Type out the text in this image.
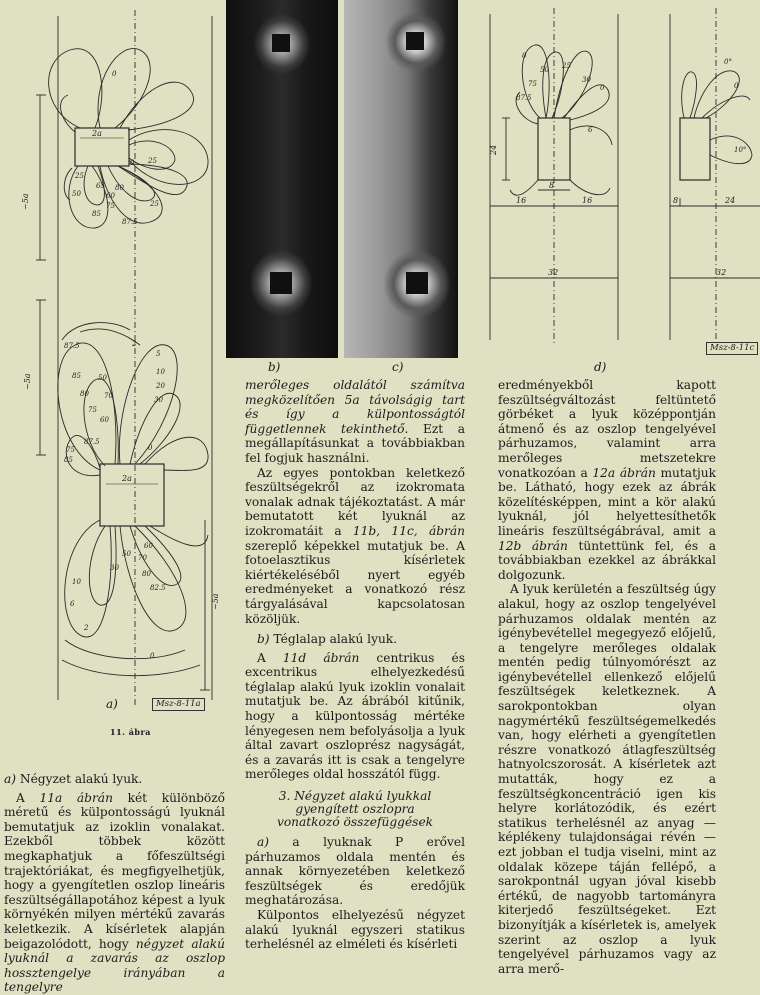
~5a
~5a
~5a
2a
2a
0
0 25
25
50	60
65
75
85
87.5
80
25
87.5
85
80
75
60
70
50
30
20
10
5
2
0
75
85
87.5
82.5
80
70
60
50
30
10
6
2
0
a)	Msz-8-11a
11. ábra
b)	c)
24
8
16	16
32
8	24
32
0
50 25
75
87.5
0
30
6
0°
0
10°
d)
Msz-8-11c

a) Négyzet alakú lyuk.

A 11a ábrán két különböző méretű és külpontosságú lyuknál bemutatjuk az izoklin vonalakat. Ezekből többek között megkaphatjuk a főfeszültségi trajektóriákat, és megfigyelhetjük, hogy a gyengítetlen oszlop lineáris feszültségállapotához képest a lyuk környékén milyen mértékű zavarás keletkezik. A kísérletek alapján beigazolódott, hogy négyzet alakú lyuknál a zavarás az oszlop hossztengelye irányában a tengelyre

merőleges oldalától számítva megközelítően 5a távolságig tart és így a külpontosságtól függetlennek tekinthető. Ezt a megállapításunkat a továbbiakban fel fogjuk használni.

Az egyes pontokban keletkező feszültségekről az izokromata vonalak adnak tájékoztatást. A már bemutatott két lyuknál az izokromatáit a 11b, 11c, ábrán szereplő képekkel mutatjuk be. A fotoelasztikus kísérletek kiértékeléséből nyert egyéb eredményeket a vonatkozó rész tárgyalásával kapcsolatosan közöljük.

b) Téglalap alakú lyuk.

A 11d ábrán centrikus és excentrikus elhelyezkedésű téglalap alakú lyuk izoklin vonalait mutatjuk be. Az ábrából kitűnik, hogy a külpontosság mértéke lényegesen nem befolyásolja a lyuk által zavart oszloprész nagyságát, és a zavarás itt is csak a tengelyre merőleges oldal hosszától függ.

3. Négyzet alakú lyukkal gyengített oszlopra vonatkozó összefüggések

a) a lyuknak P erővel párhuzamos oldala mentén és annak környezetében keletkező feszültségek és eredőjük meghatározása.

Külpontos elhelyezésű négyzet alakú lyuknál egyszeri statikus terhelésnél az elméleti és kísérleti

eredményekből kapott feszültségváltozást feltüntető görbéket a lyuk középpontján átmenő és az oszlop tengelyével párhuzamos, valamint arra merőleges metszetekre vonatkozóan a 12a ábrán mutatjuk be. Látható, hogy ezek az ábrák közelítésképpen, mint a kör alakú lyuknál, jól helyettesíthetők lineáris feszültségábrával, amit a 12b ábrán tüntettünk fel, és a továbbiakban ezekkel az ábrákkal dolgozunk.

A lyuk kerületén a feszültség úgy alakul, hogy az oszlop tengelyével párhuzamos oldalak mentén az igénybevétellel megegyező előjelű, a tengelyre merőleges oldalak mentén pedig túlnyomórészt az igénybevétellel ellenkező előjelű feszültségek keletkeznek. A sarokpontokban olyan nagymértékű feszültségemelkedés van, hogy elérheti a gyengítetlen részre vonatkozó átlagfeszültség hatnyolcszorosát. A kísérletek azt mutatták, hogy ez a feszültségkoncentráció igen kis helyre korlátozódik, és ezért statikus terhelésnél az anyag — képlékeny tulajdonságai révén — ezt jobban el tudja viselni, mint az oldalak közepe táján fellépő, a sarokpontnál ugyan jóval kisebb értékű, de nagyobb tartományra kiterjedő feszültségeket. Ezt bizonyítják a kísérletek is, amelyek szerint az oszlop a lyuk tengelyével párhuzamos vagy az arra merő-
